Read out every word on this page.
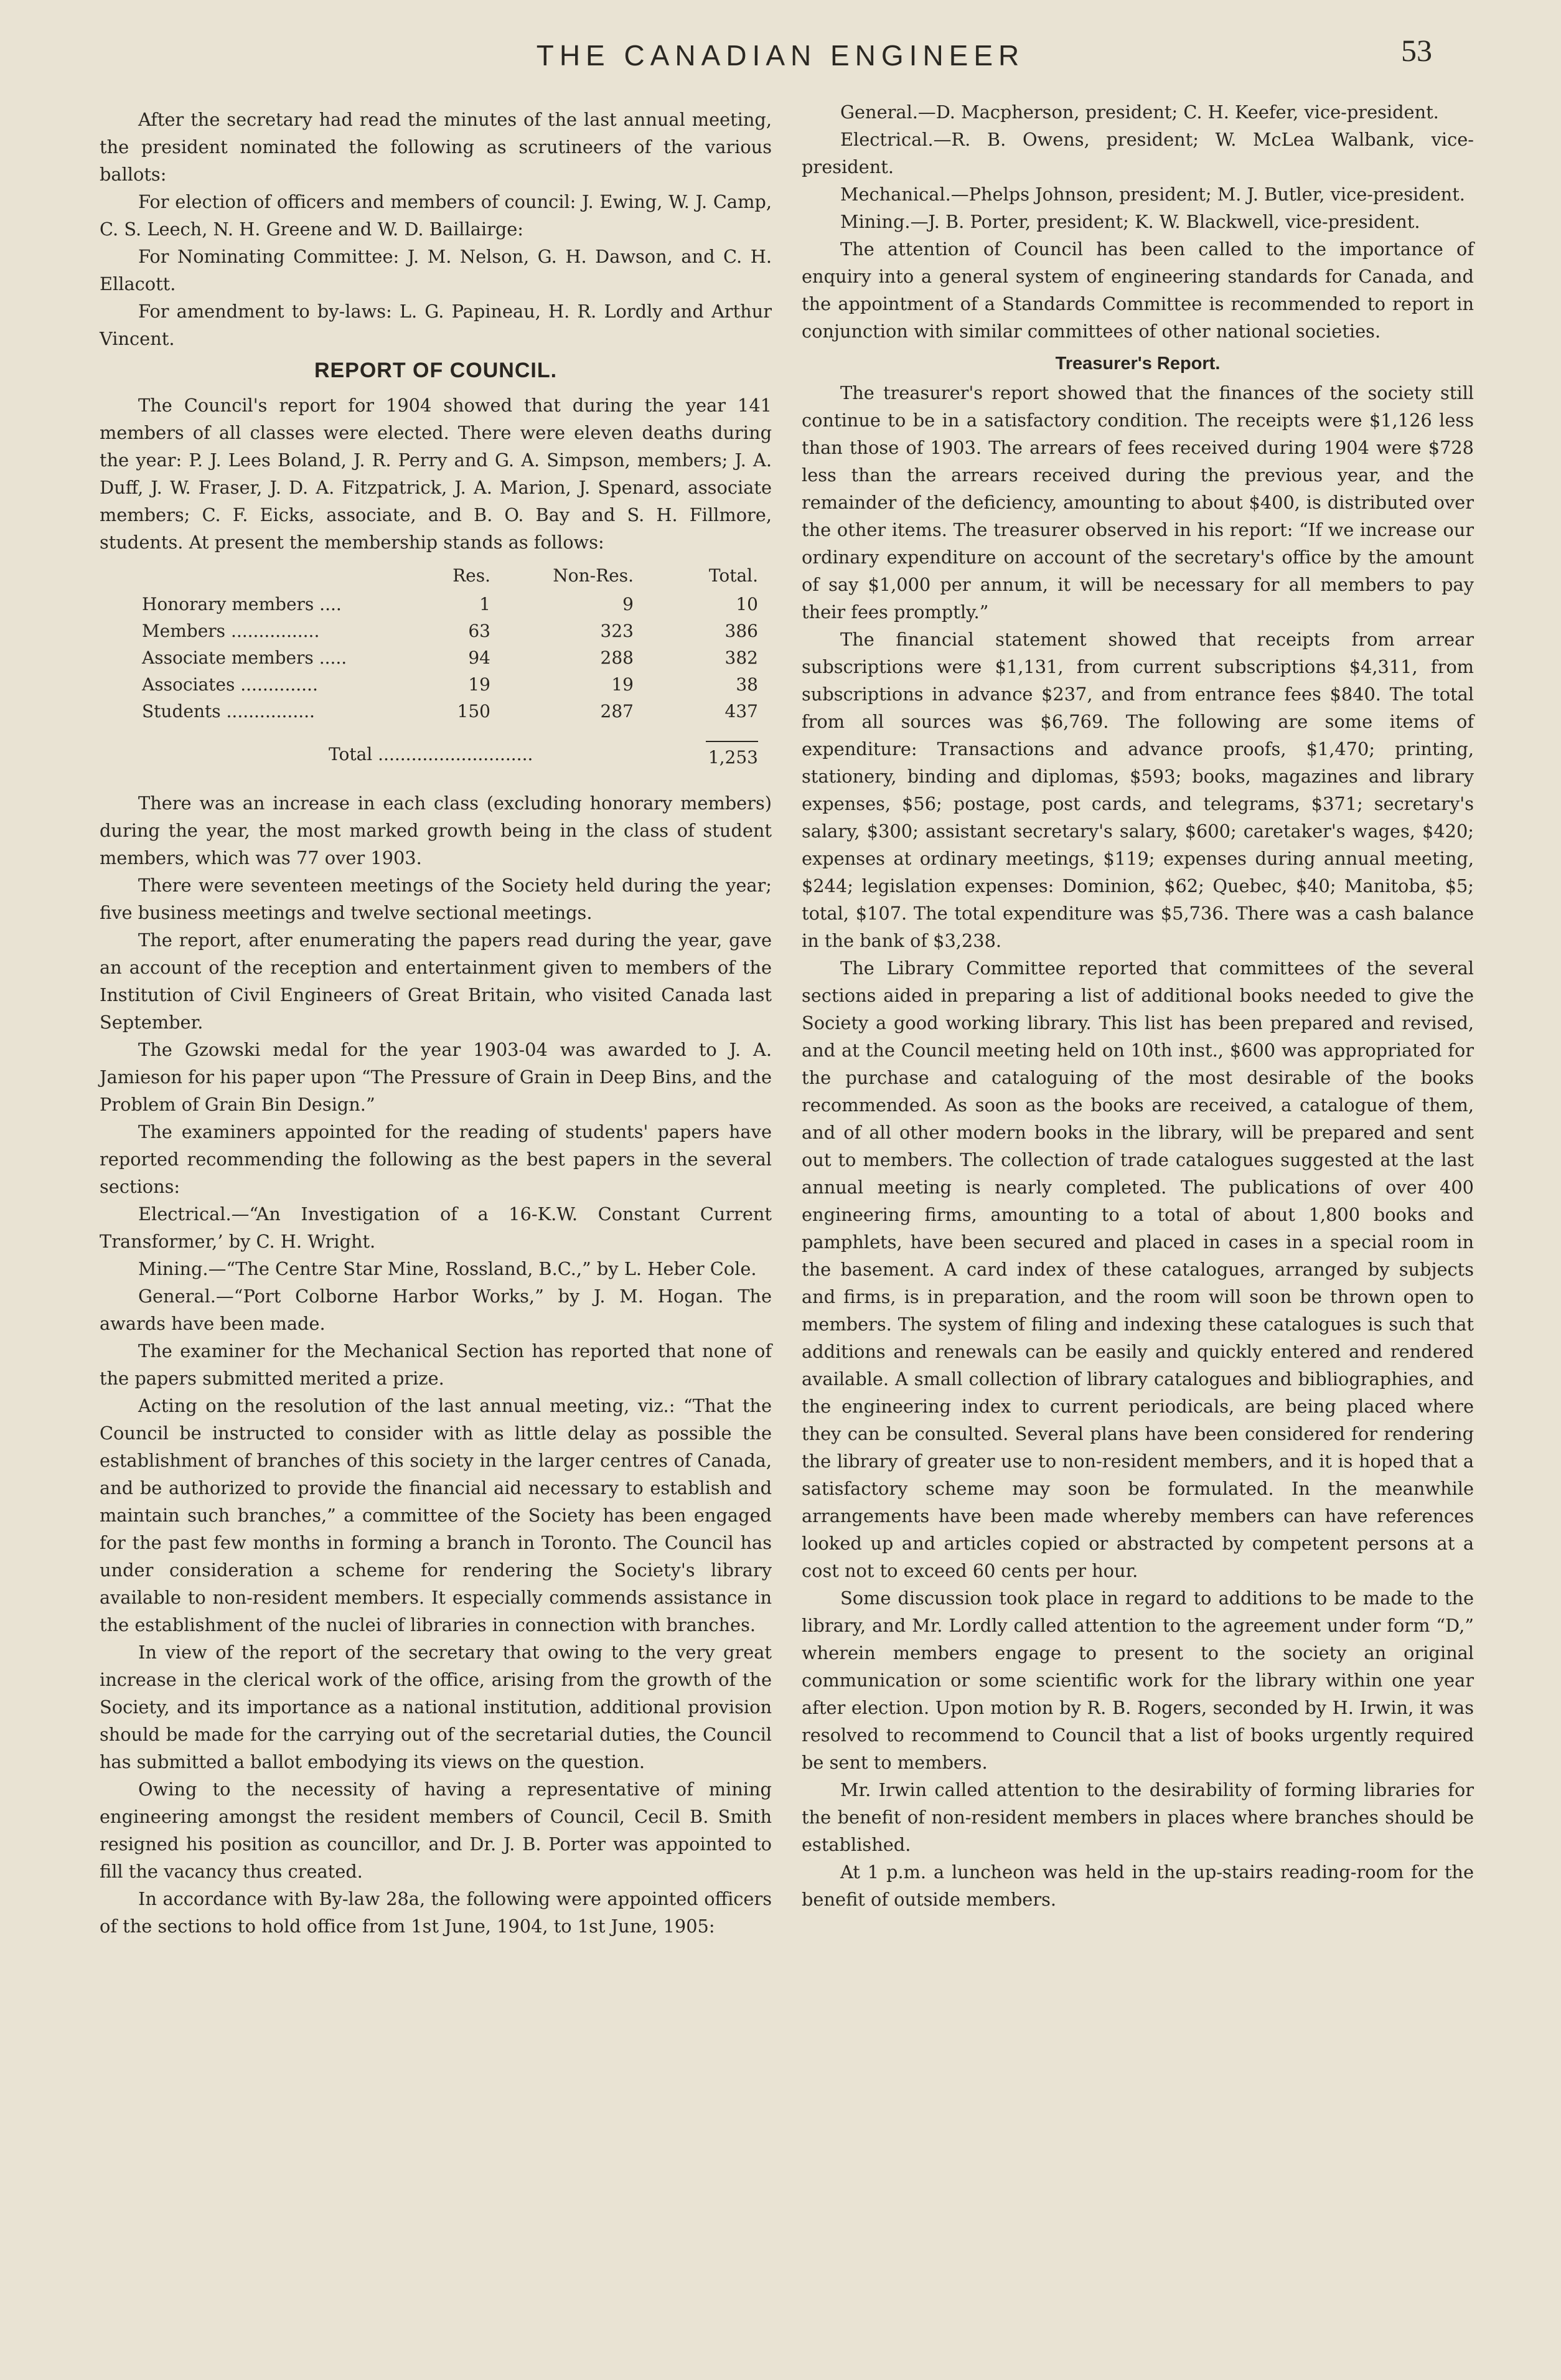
THE CANADIAN ENGINEER	53

After the secretary had read the minutes of the last annual meeting, the president nominated the following as scrutineers of the various ballots:

For election of officers and members of council: J. Ewing, W. J. Camp, C. S. Leech, N. H. Greene and W. D. Baillairge:

For Nominating Committee: J. M. Nelson, G. H. Dawson, and C. H. Ellacott.

For amendment to by-laws: L. G. Papineau, H. R. Lordly and Arthur Vincent.

REPORT OF COUNCIL.

The Council's report for 1904 showed that during the year 141 members of all classes were elected. There were eleven deaths during the year: P. J. Lees Boland, J. R. Perry and G. A. Simpson, members; J. A. Duff, J. W. Fraser, J. D. A. Fitzpatrick, J. A. Marion, J. Spenard, associate members; C. F. Eicks, associate, and B. O. Bay and S. H. Fillmore, students. At present the membership stands as follows:

	Res.	Non-Res.	Total.
Honorary members ....	1	9	10
Members ................	63	323	386
Associate members .....	94	288	382
Associates ..............	19	19	38
Students ................	150	287	437
Total ............................			1,253

There was an increase in each class (excluding honorary members) during the year, the most marked growth being in the class of student members, which was 77 over 1903.

There were seventeen meetings of the Society held during the year; five business meetings and twelve sectional meetings.

The report, after enumerating the papers read during the year, gave an account of the reception and entertainment given to members of the Institution of Civil Engineers of Great Britain, who visited Canada last September.

The Gzowski medal for the year 1903-04 was awarded to J. A. Jamieson for his paper upon “The Pressure of Grain in Deep Bins, and the Problem of Grain Bin Design.”

The examiners appointed for the reading of students' papers have reported recommending the following as the best papers in the several sections:

Electrical.—“An Investigation of a 16-K.W. Constant Current Transformer,’ by C. H. Wright.

Mining.—“The Centre Star Mine, Rossland, B.C.,” by L. Heber Cole.

General.—“Port Colborne Harbor Works,” by J. M. Hogan. The awards have been made.

The examiner for the Mechanical Section has reported that none of the papers submitted merited a prize.

Acting on the resolution of the last annual meeting, viz.: “That the Council be instructed to consider with as little delay as possible the establishment of branches of this society in the larger centres of Canada, and be authorized to provide the financial aid necessary to establish and maintain such branches,” a committee of the Society has been engaged for the past few months in forming a branch in Toronto. The Council has under consideration a scheme for rendering the Society's library available to non-resident members. It especially commends assistance in the establishment of the nuclei of libraries in connection with branches.

In view of the report of the secretary that owing to the very great increase in the clerical work of the office, arising from the growth of the Society, and its importance as a national institution, additional provision should be made for the carrying out of the secretarial duties, the Council has submitted a ballot embodying its views on the question.

Owing to the necessity of having a representative of mining engineering amongst the resident members of Council, Cecil B. Smith resigned his position as councillor, and Dr. J. B. Porter was appointed to fill the vacancy thus created.

In accordance with By-law 28a, the following were appointed officers of the sections to hold office from 1st June, 1904, to 1st June, 1905:

General.—D. Macpherson, president; C. H. Keefer, vice-president.

Electrical.—R. B. Owens, president; W. McLea Walbank, vice-president.

Mechanical.—Phelps Johnson, president; M. J. Butler, vice-president.

Mining.—J. B. Porter, president; K. W. Blackwell, vice-president.

The attention of Council has been called to the importance of enquiry into a general system of engineering standards for Canada, and the appointment of a Standards Committee is recommended to report in conjunction with similar committees of other national societies.

Treasurer's Report.

The treasurer's report showed that the finances of the society still continue to be in a satisfactory condition. The receipts were $1,126 less than those of 1903. The arrears of fees received during 1904 were $728 less than the arrears received during the previous year, and the remainder of the deficiency, amounting to about $400, is distributed over the other items. The treasurer observed in his report: “If we increase our ordinary expenditure on account of the secretary's office by the amount of say $1,000 per annum, it will be necessary for all members to pay their fees promptly.”

The financial statement showed that receipts from arrear subscriptions were $1,131, from current subscriptions $4,311, from subscriptions in advance $237, and from entrance fees $840. The total from all sources was $6,769. The following are some items of expenditure: Transactions and advance proofs, $1,470; printing, stationery, binding and diplomas, $593; books, magazines and library expenses, $56; postage, post cards, and telegrams, $371; secretary's salary, $300; assistant secretary's salary, $600; caretaker's wages, $420; expenses at ordinary meetings, $119; expenses during annual meeting, $244; legislation expenses: Dominion, $62; Quebec, $40; Manitoba, $5; total, $107. The total expenditure was $5,736. There was a cash balance in the bank of $3,238.

The Library Committee reported that committees of the several sections aided in preparing a list of additional books needed to give the Society a good working library. This list has been prepared and revised, and at the Council meeting held on 10th inst., $600 was appropriated for the purchase and cataloguing of the most desirable of the books recommended. As soon as the books are received, a catalogue of them, and of all other modern books in the library, will be prepared and sent out to members. The collection of trade catalogues suggested at the last annual meeting is nearly completed. The publications of over 400 engineering firms, amounting to a total of about 1,800 books and pamphlets, have been secured and placed in cases in a special room in the basement. A card index of these catalogues, arranged by subjects and firms, is in preparation, and the room will soon be thrown open to members. The system of filing and indexing these catalogues is such that additions and renewals can be easily and quickly entered and rendered available. A small collection of library catalogues and bibliographies, and the engineering index to current periodicals, are being placed where they can be consulted. Several plans have been considered for rendering the library of greater use to non-resident members, and it is hoped that a satisfactory scheme may soon be formulated. In the meanwhile arrangements have been made whereby members can have references looked up and articles copied or abstracted by competent persons at a cost not to exceed 60 cents per hour.

Some discussion took place in regard to additions to be made to the library, and Mr. Lordly called attention to the agreement under form “D,” wherein members engage to present to the society an original communication or some scientific work for the library within one year after election. Upon motion by R. B. Rogers, seconded by H. Irwin, it was resolved to recommend to Council that a list of books urgently required be sent to members.

Mr. Irwin called attention to the desirability of forming libraries for the benefit of non-resident members in places where branches should be established.

At 1 p.m. a luncheon was held in the up-stairs reading-room for the benefit of outside members.
